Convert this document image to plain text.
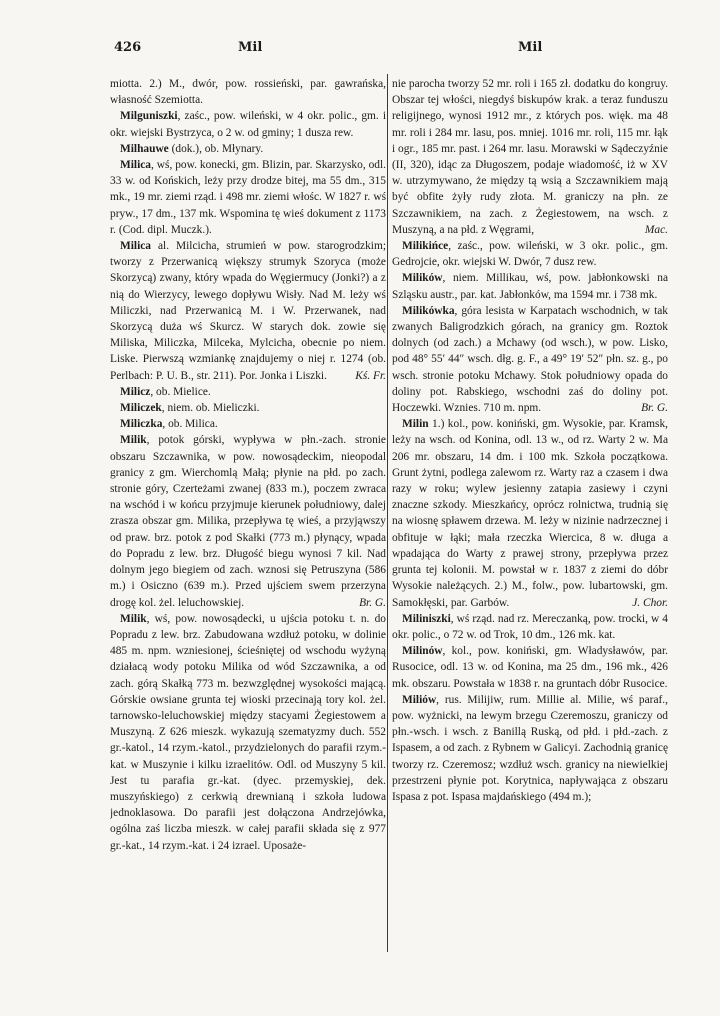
426	Mil	Mil

miotta. 2.) M., dwór, pow. rossieński, par. gawrańska, własność Szemiotta.

Milguniszki, zaśc., pow. wileński, w 4 okr. polic., gm. i okr. wiejski Bystrzyca, o 2 w. od gminy; 1 dusza rew.

Milhauwe (dok.), ob. Młynary.

Milica, wś, pow. konecki, gm. Blizin, par. Skarzysko, odl. 33 w. od Końskich, leży przy drodze bitej, ma 55 dm., 315 mk., 19 mr. ziemi rząd. i 498 mr. ziemi włośc. W 1827 r. wś pryw., 17 dm., 137 mk. Wspomina tę wieś dokument z 1173 r. (Cod. dipl. Muczk.).

Milica al. Milcicha, strumień w pow. starogrodzkim; tworzy z Przerwanicą większy strumyk Szoryca (może Skorzycą) zwany, który wpada do Węgiermucy (Jonki?) a z nią do Wierzycy, lewego dopływu Wisły. Nad M. leży wś Miliczki, nad Przerwanicą M. i W. Przerwanek, nad Skorzycą duża wś Skurcz. W starych dok. zowie się Miliska, Miliczka, Milceka, Mylcicha, obecnie po niem. Liske. Pierwszą wzmiankę znajdujemy o niej r. 1274 (ob. Perlbach: P. U. B., str. 211). Por. Jonka i Liszki.	Kś. Fr.

Milicz, ob. Mielice.

Miliczek, niem. ob. Mieliczki.

Miliczka, ob. Milica.

Milik, potok górski, wypływa w płn.-zach. stronie obszaru Szczawnika, w pow. nowosądeckim, nieopodal granicy z gm. Wierchomlą Małą; płynie na płd. po zach. stronie góry, Czerteżami zwanej (833 m.), poczem zwraca na wschód i w końcu przyjmuje kierunek południowy, dalej zrasza obszar gm. Milika, przepływa tę wieś, a przyjąwszy od praw. brz. potok z pod Skałki (773 m.) płynący, wpada do Popradu z lew. brz. Długość biegu wynosi 7 kil. Nad dolnym jego biegiem od zach. wznosi się Petruszyna (586 m.) i Osiczno (639 m.). Przed ujściem swem przerzyna drogę kol. żel. leluchowskiej.	Br. G.

Milik, wś, pow. nowosądecki, u ujścia potoku t. n. do Popradu z lew. brz. Zabudowana wzdłuż potoku, w dolinie 485 m. npm. wzniesionej, ścieśniętej od wschodu wyżyną działacą wody potoku Milika od wód Szczawnika, a od zach. górą Skałką 773 m. bezwzględnej wysokości mającą. Górskie owsiane grunta tej wioski przecinają tory kol. żel. tarnowsko-leluchowskiej między stacyami Żegiestowem a Muszyną. Z 626 mieszk. wykazują szematyzmy duch. 552 gr.-katol., 14 rzym.-katol., przydzielonych do parafii rzym.-kat. w Muszynie i kilku izraelitów. Odl. od Muszyny 5 kil. Jest tu parafia gr.-kat. (dyec. przemyskiej, dek. muszyńskiego) z cerkwią drewnianą i szkoła ludowa jednoklasowa. Do parafii jest dołączona Andrzejówka, ogólna zaś liczba mieszk. w całej parafii składa się z 977 gr.-kat., 14 rzym.-kat. i 24 izrael. Uposaże-

nie parocha tworzy 52 mr. roli i 165 zł. dodatku do kongruy. Obszar tej włości, niegdyś biskupów krak. a teraz funduszu religijnego, wynosi 1912 mr., z których pos. więk. ma 48 mr. roli i 284 mr. lasu, pos. mniej. 1016 mr. roli, 115 mr. łąk i ogr., 185 mr. past. i 264 mr. lasu. Morawski w Sądeczyźnie (II, 320), idąc za Długoszem, podaje wiadomość, iż w XV w. utrzymywano, że między tą wsią a Szczawnikiem mają być obfite żyły rudy złota. M. graniczy na płn. ze Szczawnikiem, na zach. z Żegiestowem, na wsch. z Muszyną, a na płd. z Węgrami,	Mac.

Milikińce, zaśc., pow. wileński, w 3 okr. polic., gm. Gedrojcie, okr. wiejski W. Dwór, 7 dusz rew.

Milików, niem. Millikau, wś, pow. jabłonkowski na Szląsku austr., par. kat. Jabłonków, ma 1594 mr. i 738 mk.

Milikówka, góra lesista w Karpatach wschodnich, w tak zwanych Baligrodzkich górach, na granicy gm. Roztok dolnych (od zach.) a Mchawy (od wsch.), w pow. Lisko, pod 48° 55′ 44″ wsch. dłg. g. F., a 49° 19′ 52″ płn. sz. g., po wsch. stronie potoku Mchawy. Stok południowy opada do doliny pot. Rabskiego, wschodni zaś do doliny pot. Hoczewki. Wznies. 710 m. npm.	Br. G.

Milin 1.) kol., pow. koniński, gm. Wysokie, par. Kramsk, leży na wsch. od Konina, odl. 13 w., od rz. Warty 2 w. Ma 206 mr. obszaru, 14 dm. i 100 mk. Szkoła początkowa. Grunt żytni, podlega zalewom rz. Warty raz a czasem i dwa razy w roku; wylew jesienny zatapia zasiewy i czyni znaczne szkody. Mieszkańcy, oprócz rolnictwa, trudnią się na wiosnę spławem drzewa. M. leży w nizinie nadrzecznej i obfituje w łąki; mała rzeczka Wiercica, 8 w. długa a wpadająca do Warty z prawej strony, przepływa przez grunta tej kolonii. M. powstał w r. 1837 z ziemi do dóbr Wysokie należących. 2.) M., folw., pow. lubartowski, gm. Samokłęski, par. Garbów.	J. Chor.

Miliniszki, wś rząd. nad rz. Mereczanką, pow. trocki, w 4 okr. polic., o 72 w. od Trok, 10 dm., 126 mk. kat.

Milinów, kol., pow. koniński, gm. Władysławów, par. Rusocice, odl. 13 w. od Konina, ma 25 dm., 196 mk., 426 mk. obszaru. Powstała w 1838 r. na gruntach dóbr Rusocice.

Miliów, rus. Milijiw, rum. Millie al. Milie, wś paraf., pow. wyżnicki, na lewym brzegu Czeremoszu, graniczy od płn.-wsch. i wsch. z Banillą Ruską, od płd. i płd.-zach. z Ispasem, a od zach. z Rybnem w Galicyi. Zachodnią granicę tworzy rz. Czeremosz; wzdłuż wsch. granicy na niewielkiej przestrzeni płynie pot. Korytnica, napływająca z obszaru Ispasa z pot. Ispasa majdańskiego (494 m.);
